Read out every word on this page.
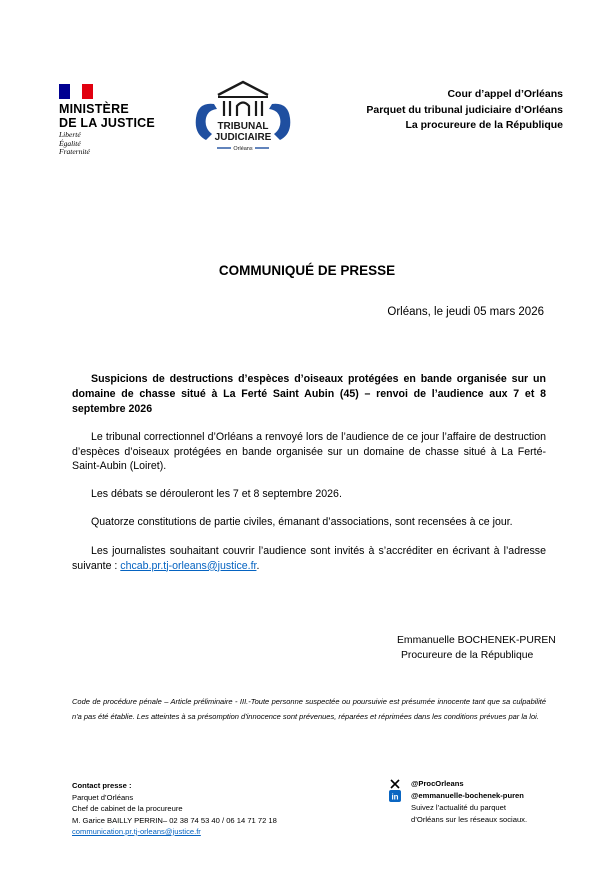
MINISTÈRE
DE LA JUSTICE
Liberté
Égalité
Fraternité
TRIBUNAL
JUDICIAIRE
Orléans
Cour d’appel d’Orléans
Parquet du tribunal judiciaire d’Orléans
La procureure de la République
COMMUNIQUÉ DE PRESSE
Orléans, le jeudi 05 mars 2026
Suspicions de destructions d’espèces d’oiseaux protégées en bande organisée sur un domaine de chasse situé à La Ferté Saint Aubin (45) – renvoi de l’audience aux 7 et 8 septembre 2026
Le tribunal correctionnel d’Orléans a renvoyé lors de l’audience de ce jour l’affaire de destruction d’espèces d’oiseaux protégées en bande organisée sur un domaine de chasse situé à La Ferté-Saint-Aubin (Loiret).
Les débats se dérouleront les 7 et 8 septembre 2026.
Quatorze constitutions de partie civiles, émanant d’associations, sont recensées à ce jour.
Les journalistes souhaitant couvrir l’audience sont invités à s’accréditer en écrivant à l’adresse suivante : chcab.pr.tj-orleans@justice.fr.
Emmanuelle BOCHENEK-PUREN
Procureure de la République
Code de procédure pénale – Article préliminaire - III.-Toute personne suspectée ou poursuivie est présumée innocente tant que sa culpabilité n'a pas été établie. Les atteintes à sa présomption d'innocence sont prévenues, réparées et réprimées dans les conditions prévues par la loi.
Contact presse :
Parquet d’Orléans
Chef de cabinet de la procureure
M. Garice BAILLY PERRIN– 02 38 74 53 40 / 06 14 71 72 18
communication.pr.tj-orleans@justice.fr
@ProcOrleans
in @emmanuelle-bochenek-puren
Suivez l’actualité du parquet
d’Orléans sur les réseaux sociaux.
